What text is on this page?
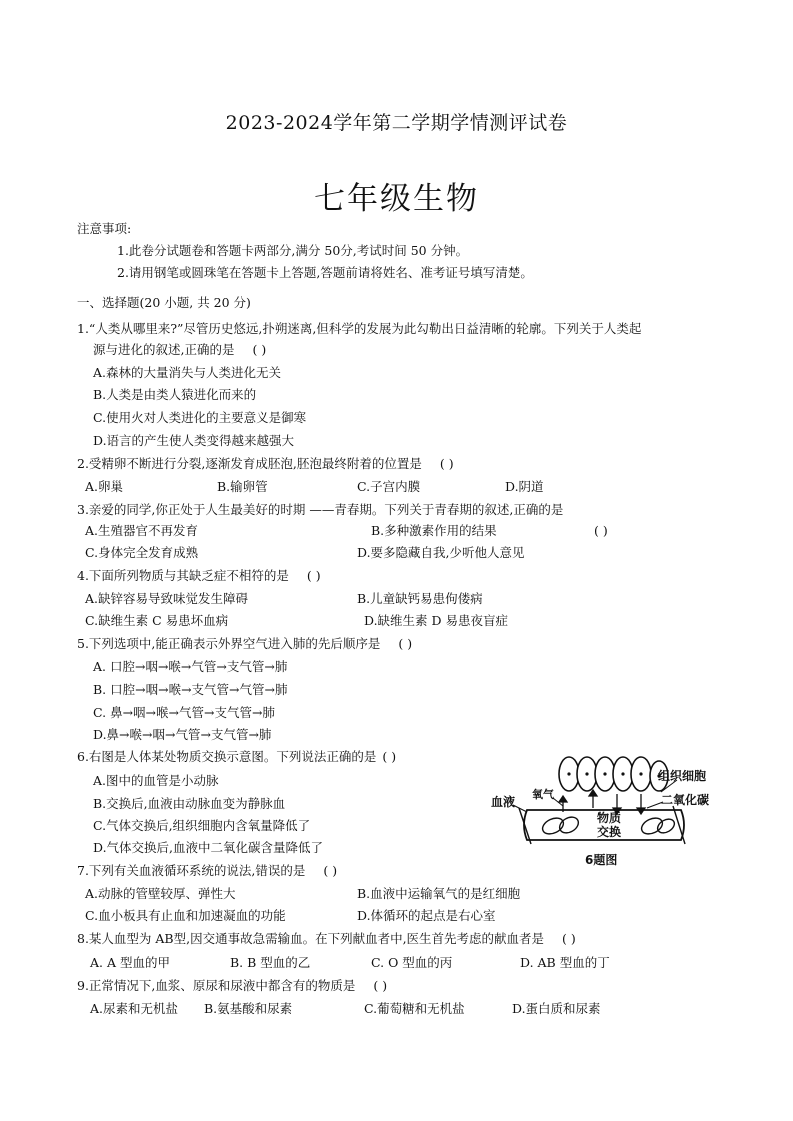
2023-2024学年第二学期学情测评试卷
七年级生物
注意事项:
1.此卷分试题卷和答题卡两部分,满分 50分,考试时间 50 分钟。
2.请用钢笔或圆珠笔在答题卡上答题,答题前请将姓名、准考证号填写清楚。
一、选择题(20 小题, 共 20 分)
1.“人类从哪里来?”尽管历史悠远,扑朔迷离,但科学的发展为此勾勒出日益清晰的轮廓。下列关于人类起
源与进化的叙述,正确的是 ( )
A.森林的大量消失与人类进化无关
B.人类是由类人猿进化而来的
C.使用火对人类进化的主要意义是御寒
D.语言的产生使人类变得越来越强大
2.受精卵不断进行分裂,逐渐发育成胚泡,胚泡最终附着的位置是 ( )
A.卵巢	B.输卵管	C.子宫内膜	D.阴道
3.亲爱的同学,你正处于人生最美好的时期 ——青春期。下列关于青春期的叙述,正确的是
A.生殖器官不再发育	B.多种激素作用的结果	( )
C.身体完全发育成熟	D.要多隐藏自我,少听他人意见
4.下面所列物质与其缺乏症不相符的是 ( )
A.缺锌容易导致味觉发生障碍	B.儿童缺钙易患佝偻病
C.缺维生素 C 易患坏血病	D.缺维生素 D 易患夜盲症
5.下列选项中,能正确表示外界空气进入肺的先后顺序是 ( )
A. 口腔→咽→喉→气管→支气管→肺
B. 口腔→咽→喉→支气管→气管→肺
C. 鼻→咽→喉→气管→支气管→肺
D.鼻→喉→咽→气管→支气管→肺
6.右图是人体某处物质交换示意图。下列说法正确的是 ( )
A.图中的血管是小动脉
B.交换后,血液由动脉血变为静脉血
C.气体交换后,组织细胞内含氧量降低了
D.气体交换后,血液中二氧化碳含量降低了
组织细胞
氧气	二氧化碳
血液
物质
交换
6题图
7.下列有关血液循环系统的说法,错误的是 ( )
A.动脉的管壁较厚、弹性大	B.血液中运输氧气的是红细胞
C.血小板具有止血和加速凝血的功能	D.体循环的起点是右心室
8.某人血型为 AB型,因交通事故急需输血。在下列献血者中,医生首先考虑的献血者是 ( )
A. A 型血的甲	B. B 型血的乙	C. O 型血的丙	D. AB 型血的丁
9.正常情况下,血浆、原尿和尿液中都含有的物质是 ( )
A.尿素和无机盐 B.氨基酸和尿素	C.葡萄糖和无机盐	D.蛋白质和尿素
